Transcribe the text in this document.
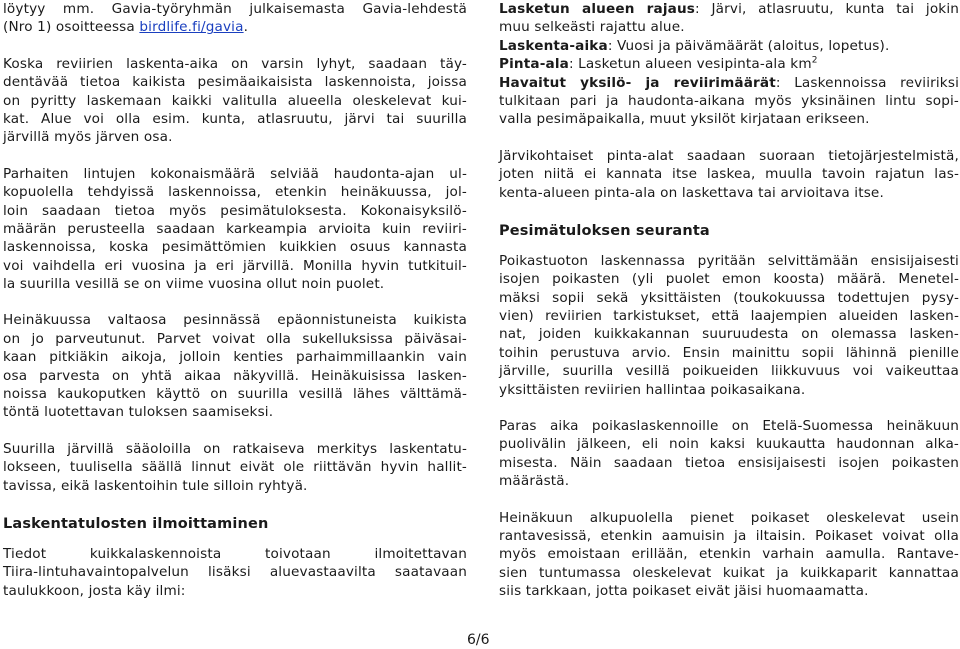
löytyy mm. Gavia-työryhmän julkaisemasta Gavia-lehdestä
(Nro 1) osoitteessa birdlife.fi/gavia.
Koska reviirien laskenta-aika on varsin lyhyt, saadaan täy-
dentävää tietoa kaikista pesimäaikaisista laskennoista, joissa
on pyritty laskemaan kaikki valitulla alueella oleskelevat kui-
kat. Alue voi olla esim. kunta, atlasruutu, järvi tai suurilla
järvillä myös järven osa.
Parhaiten lintujen kokonaismäärä selviää haudonta-ajan ul-
kopuolella tehdyissä laskennoissa, etenkin heinäkuussa, jol-
loin saadaan tietoa myös pesimätuloksesta. Kokonaisyksilö-
määrän perusteella saadaan karkeampia arvioita kuin reviiri-
laskennoissa, koska pesimättömien kuikkien osuus kannasta
voi vaihdella eri vuosina ja eri järvillä. Monilla hyvin tutkituil-
la suurilla vesillä se on viime vuosina ollut noin puolet.
Heinäkuussa valtaosa pesinnässä epäonnistuneista kuikista
on jo parveutunut. Parvet voivat olla sukelluksissa päiväsai-
kaan pitkiäkin aikoja, jolloin kenties parhaimmillaankin vain
osa parvesta on yhtä aikaa näkyvillä. Heinäkuisissa lasken-
noissa kaukoputken käyttö on suurilla vesillä lähes välttämä-
töntä luotettavan tuloksen saamiseksi.
Suurilla järvillä sääoloilla on ratkaiseva merkitys laskentatu-
lokseen, tuulisella säällä linnut eivät ole riittävän hyvin hallit-
tavissa, eikä laskentoihin tule silloin ryhtyä.
Laskentatulosten ilmoittaminen
Tiedot kuikkalaskennoista toivotaan ilmoitettavan
Tiira-lintuhavaintopalvelun lisäksi aluevastaavilta saatavaan
taulukkoon, josta käy ilmi:
Lasketun alueen rajaus: Järvi, atlasruutu, kunta tai jokin
muu selkeästi rajattu alue.
Laskenta-aika: Vuosi ja päivämäärät (aloitus, lopetus).
Pinta-ala: Lasketun alueen vesipinta-ala $km^2$
Havaitut yksilö- ja reviirimäärät: Laskennoissa reviiriksi
tulkitaan pari ja haudonta-aikana myös yksinäinen lintu sopi-
valla pesimäpaikalla, muut yksilöt kirjataan erikseen.
Järvikohtaiset pinta-alat saadaan suoraan tietojärjestelmistä,
joten niitä ei kannata itse laskea, muulla tavoin rajatun las-
kenta-alueen pinta-ala on laskettava tai arvioitava itse.
Pesimätuloksen seuranta
Poikastuoton laskennassa pyritään selvittämään ensisijaisesti
isojen poikasten (yli puolet emon koosta) määrä. Menetel-
mäksi sopii sekä yksittäisten (toukokuussa todettujen pysy-
vien) reviirien tarkistukset, että laajempien alueiden lasken-
nat, joiden kuikkakannan suuruudesta on olemassa lasken-
toihin perustuva arvio. Ensin mainittu sopii lähinnä pienille
järville, suurilla vesillä poikueiden liikkuvuus voi vaikeuttaa
yksittäisten reviirien hallintaa poikasaikana.
Paras aika poikaslaskennoille on Etelä-Suomessa heinäkuun
puolivälin jälkeen, eli noin kaksi kuukautta haudonnan alka-
misesta. Näin saadaan tietoa ensisijaisesti isojen poikasten
määrästä.
Heinäkuun alkupuolella pienet poikaset oleskelevat usein
rantavesissä, etenkin aamuisin ja iltaisin. Poikaset voivat olla
myös emoistaan erillään, etenkin varhain aamulla. Rantave-
sien tuntumassa oleskelevat kuikat ja kuikkaparit kannattaa
siis tarkkaan, jotta poikaset eivät jäisi huomaamatta.
6/6
